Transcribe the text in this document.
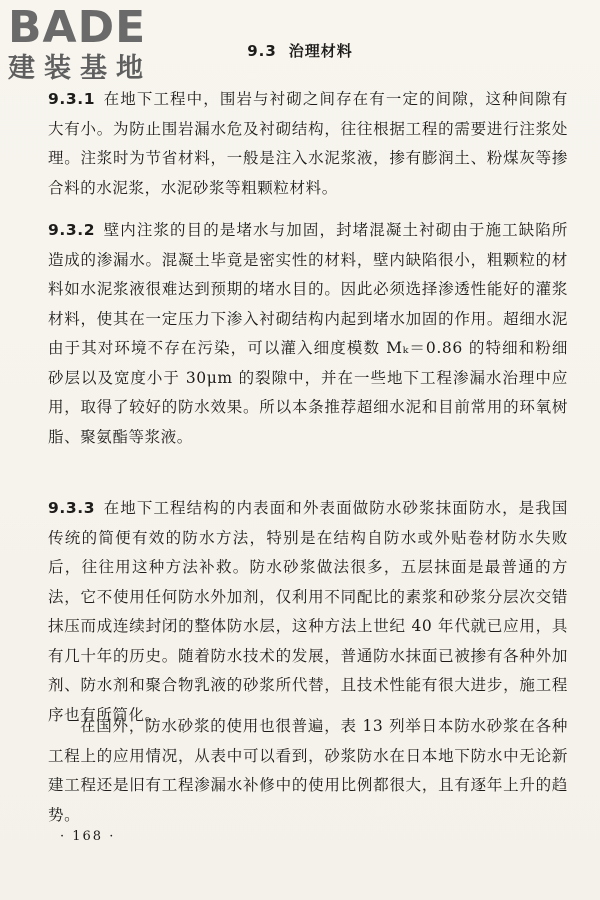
BADE
建装基地
9.3 治理材料

9.3.1 在地下工程中，围岩与衬砌之间存在有一定的间隙，这种间隙有大有小。为防止围岩漏水危及衬砌结构，往往根据工程的需要进行注浆处理。注浆时为节省材料，一般是注入水泥浆液，掺有膨润土、粉煤灰等掺合料的水泥浆，水泥砂浆等粗颗粒材料。

9.3.2 壁内注浆的目的是堵水与加固，封堵混凝土衬砌由于施工缺陷所造成的渗漏水。混凝土毕竟是密实性的材料，壁内缺陷很小，粗颗粒的材料如水泥浆液很难达到预期的堵水目的。因此必须选择渗透性能好的灌浆材料，使其在一定压力下渗入衬砌结构内起到堵水加固的作用。超细水泥由于其对环境不存在污染，可以灌入细度模数 Mₖ＝0.86 的特细和粉细砂层以及宽度小于 30μm 的裂隙中，并在一些地下工程渗漏水治理中应用，取得了较好的防水效果。所以本条推荐超细水泥和目前常用的环氧树脂、聚氨酯等浆液。

9.3.3 在地下工程结构的内表面和外表面做防水砂浆抹面防水，是我国传统的简便有效的防水方法，特别是在结构自防水或外贴卷材防水失败后，往往用这种方法补救。防水砂浆做法很多，五层抹面是最普通的方法，它不使用任何防水外加剂，仅利用不同配比的素浆和砂浆分层次交错抹压而成连续封闭的整体防水层，这种方法上世纪 40 年代就已应用，具有几十年的历史。随着防水技术的发展，普通防水抹面已被掺有各种外加剂、防水剂和聚合物乳液的砂浆所代替，且技术性能有很大进步，施工程序也有所简化。

在国外，防水砂浆的使用也很普遍，表 13 列举日本防水砂浆在各种工程上的应用情况，从表中可以看到，砂浆防水在日本地下防水中无论新建工程还是旧有工程渗漏水补修中的使用比例都很大，且有逐年上升的趋势。

· 168 ·
